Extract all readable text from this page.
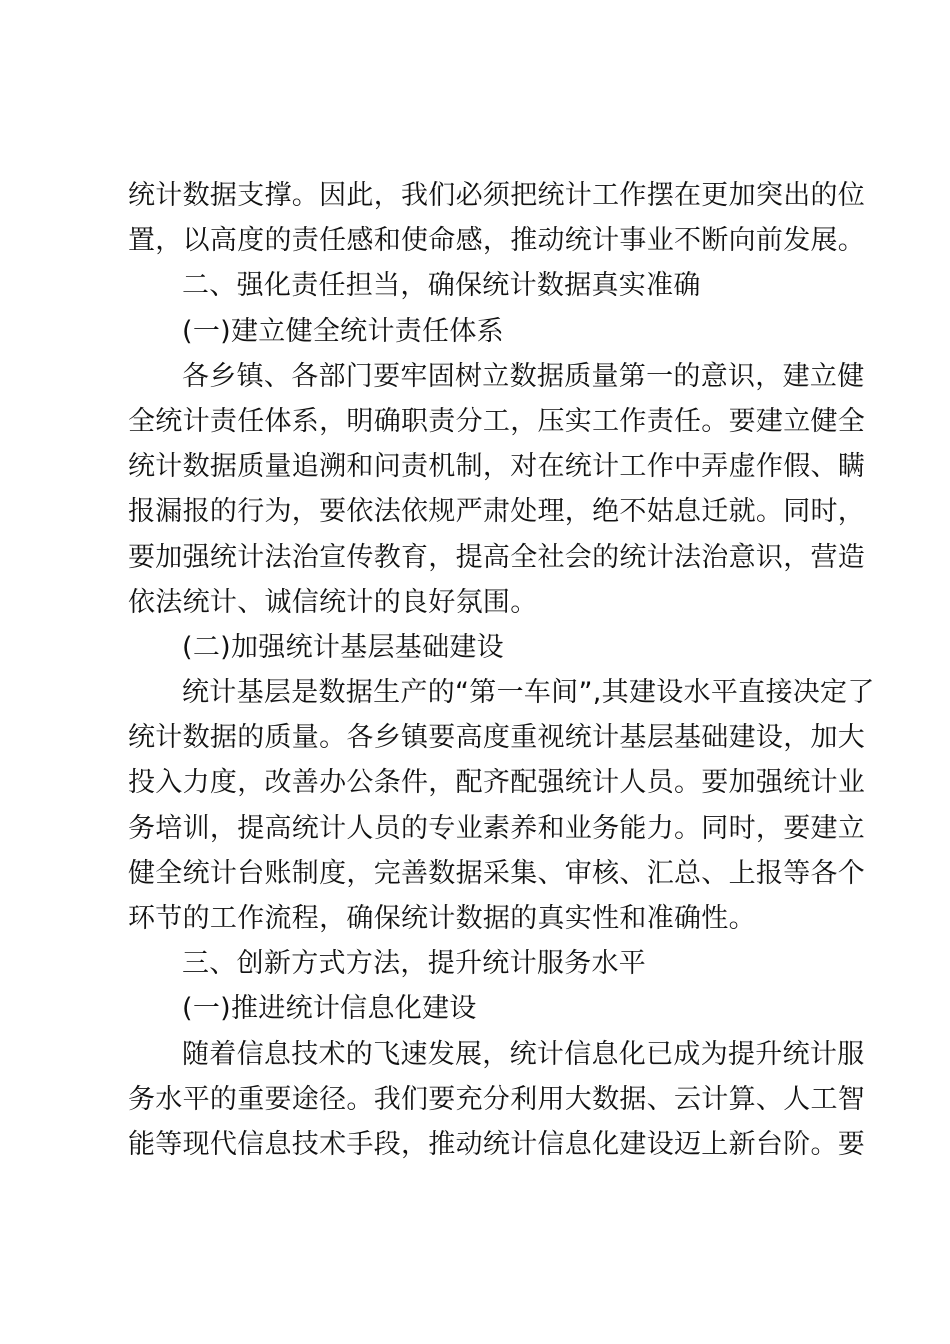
统计数据支撑。因此，我们必须把统计工作摆在更加突出的位
置，以高度的责任感和使命感，推动统计事业不断向前发展。
二、强化责任担当，确保统计数据真实准确
(一)建立健全统计责任体系
各乡镇、各部门要牢固树立数据质量第一的意识，建立健
全统计责任体系，明确职责分工，压实工作责任。要建立健全
统计数据质量追溯和问责机制，对在统计工作中弄虚作假、瞒
报漏报的行为，要依法依规严肃处理，绝不姑息迁就。同时，
要加强统计法治宣传教育，提高全社会的统计法治意识，营造
依法统计、诚信统计的良好氛围。
(二)加强统计基层基础建设
统计基层是数据生产的“第一车间”,其建设水平直接决定了
统计数据的质量。各乡镇要高度重视统计基层基础建设，加大
投入力度，改善办公条件，配齐配强统计人员。要加强统计业
务培训，提高统计人员的专业素养和业务能力。同时，要建立
健全统计台账制度，完善数据采集、审核、汇总、上报等各个
环节的工作流程，确保统计数据的真实性和准确性。
三、创新方式方法，提升统计服务水平
(一)推进统计信息化建设
随着信息技术的飞速发展，统计信息化已成为提升统计服
务水平的重要途径。我们要充分利用大数据、云计算、人工智
能等现代信息技术手段，推动统计信息化建设迈上新台阶。要
